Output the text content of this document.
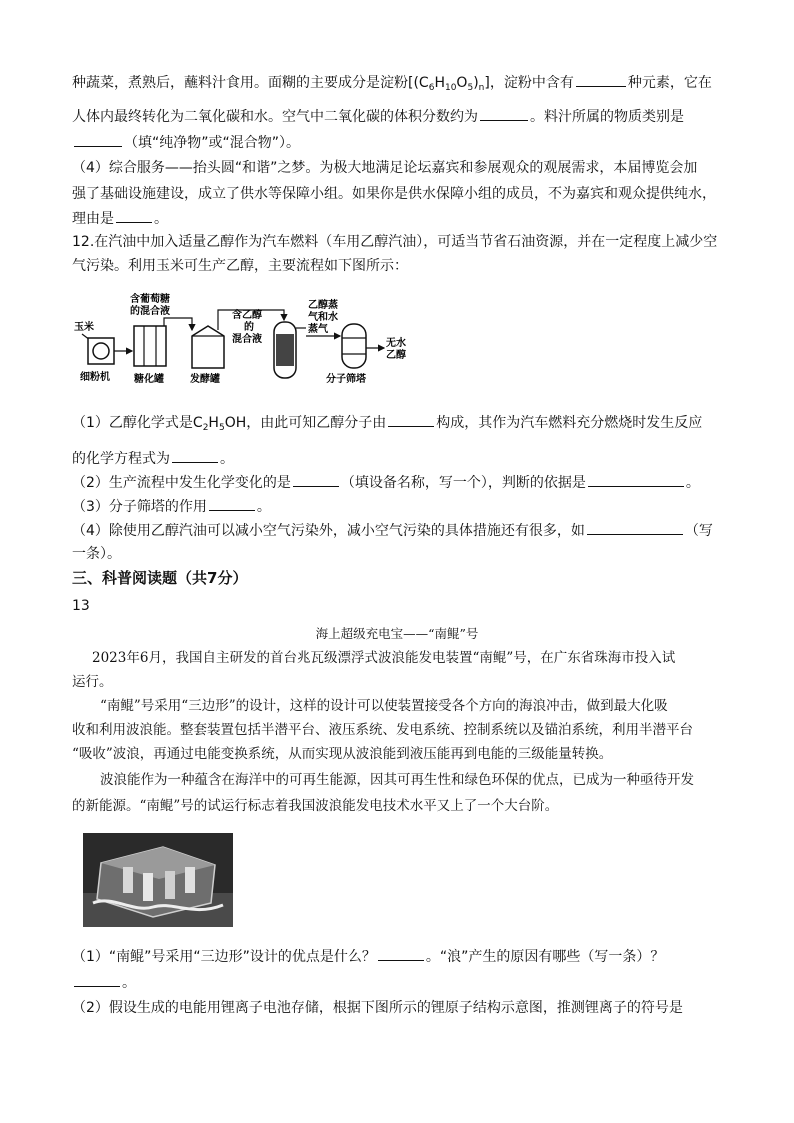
种蔬菜，煮熟后，蘸料汁食用。面糊的主要成分是淀粉$[(C_6H_{10}O_5)_n]$，淀粉中含有	种元素，它在
人体内最终转化为二氧化碳和水。空气中二氧化碳的体积分数约为	。料汁所属的物质类别是
（填“纯净物”或“混合物”）。
（4）综合服务——抬头圆“和谐”之梦。为极大地满足论坛嘉宾和参展观众的观展需求，本届博览会加
强了基础设施建设，成立了供水等保障小组。如果你是供水保障小组的成员，不为嘉宾和观众提供纯水，
理由是	。
12.在汽油中加入适量乙醇作为汽车燃料（车用乙醇汽油），可适当节省石油资源，并在一定程度上减少空
气污染。利用玉米可生产乙醇，主要流程如下图所示：
玉米
细粉机
含葡萄糖
的混合液
糖化罐	发酵罐
含乙醇
的
混合液
乙醇蒸
气和水
蒸气
分子筛塔
无水
乙醇
（1）乙醇化学式是$C_2H_5OH$，由此可知乙醇分子由	构成，其作为汽车燃料充分燃烧时发生反应
的化学方程式为	。
（2）生产流程中发生化学变化的是	（填设备名称，写一个），判断的依据是	。
（3）分子筛塔的作用	。
（4）除使用乙醇汽油可以减小空气污染外，减小空气污染的具体措施还有很多，如	（写
一条）。
三、科普阅读题（共7分）
13
海上超级充电宝——“南鲲”号
2023年6月，我国自主研发的首台兆瓦级漂浮式波浪能发电装置“南鲲”号，在广东省珠海市投入试
运行。
“南鲲”号采用“三边形”的设计，这样的设计可以使装置接受各个方向的海浪冲击，做到最大化吸
收和利用波浪能。整套装置包括半潜平台、液压系统、发电系统、控制系统以及锚泊系统，利用半潜平台
“吸收”波浪，再通过电能变换系统，从而实现从波浪能到液压能再到电能的三级能量转换。
波浪能作为一种蕴含在海洋中的可再生能源，因其可再生性和绿色环保的优点，已成为一种亟待开发
的新能源。“南鲲”号的试运行标志着我国波浪能发电技术水平又上了一个大台阶。
（1）“南鲲”号采用“三边形”设计的优点是什么？	。“浪”产生的原因有哪些（写一条）？
。
（2）假设生成的电能用锂离子电池存储，根据下图所示的锂原子结构示意图，推测锂离子的符号是
